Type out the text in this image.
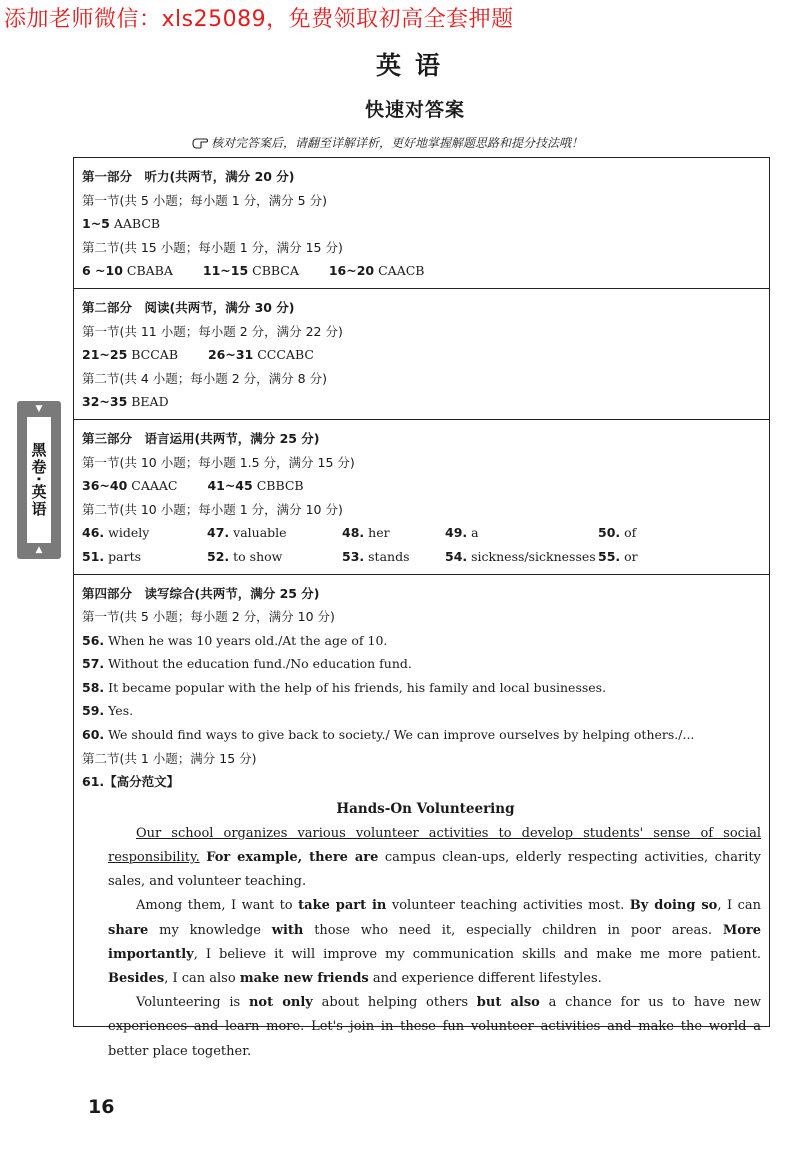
添加老师微信：xls25089，免费领取初高全套押题
英语
快速对答案
核对完答案后，请翻至详解详析，更好地掌握解题思路和提分技法哦！
▼
黑卷·英语
▲
第一部分　听力(共两节，满分 20 分)
第一节(共 5 小题；每小题 1 分，满分 5 分)
1~5 AABCB
第二节(共 15 小题；每小题 1 分，满分 15 分)
6 ~10 CBABA 11~15 CBBCA 16~20 CAACB
第二部分　阅读(共两节，满分 30 分)
第一节(共 11 小题；每小题 2 分，满分 22 分)
21~25 BCCAB 26~31 CCCABC
第二节(共 4 小题；每小题 2 分，满分 8 分)
32~35 BEAD
第三部分　语言运用(共两节，满分 25 分)
第一节(共 10 小题；每小题 1.5 分，满分 15 分)
36~40 CAAAC 41~45 CBBCB
第二节(共 10 小题；每小题 1 分，满分 10 分)
46. widely	47. valuable	48. her	49. a	50. of
51. parts	52. to show	53. stands	54. sickness/sicknesses 55. or
第四部分　读写综合(共两节，满分 25 分)
第一节(共 5 小题；每小题 2 分，满分 10 分)
56. When he was 10 years old./At the age of 10.
57. Without the education fund./No education fund.
58. It became popular with the help of his friends, his family and local businesses.
59. Yes.
60. We should find ways to give back to society./ We can improve ourselves by helping others./...
第二节(共 1 小题；满分 15 分)
61.【高分范文】
Hands-On Volunteering

Our school organizes various volunteer activities to develop students' sense of social responsibility. For example, there are campus clean-ups, elderly respecting activities, charity sales, and volunteer teaching.

Among them, I want to take part in volunteer teaching activities most. By doing so, I can share my knowledge with those who need it, especially children in poor areas. More importantly, I believe it will improve my communication skills and make me more patient. Besides, I can also make new friends and experience different lifestyles.

Volunteering is not only about helping others but also a chance for us to have new experiences and learn more. Let's join in these fun volunteer activities and make the world a better place together.

16
